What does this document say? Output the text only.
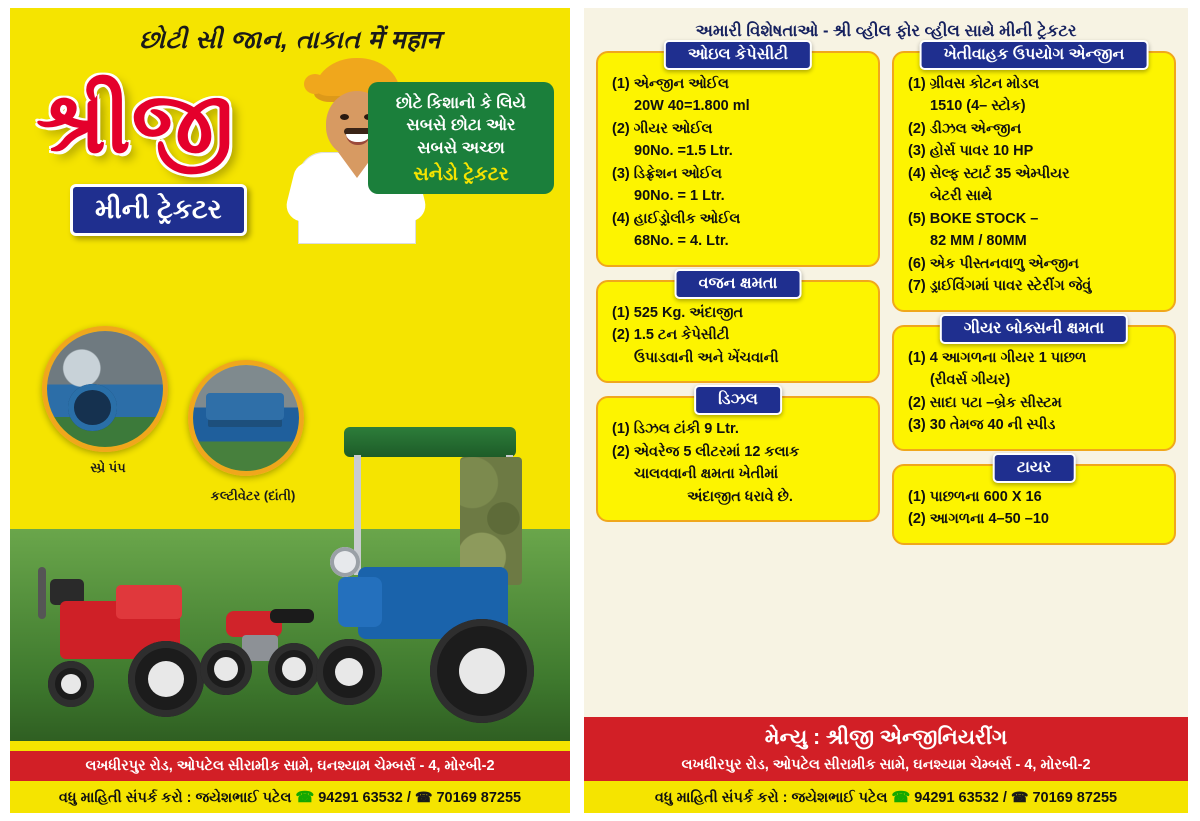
છોટી સી જાન, તાકાત में महान
શ્રીજી
મીની ટ્રેકટર
છોટે કિશાનો કે લિયે
સબસે છોટા ઓર
સબસે અચ્છા
સનેડો ટ્રેકટર
સ્પ્રે પંપ
કલ્ટીવેટર (દાંતી)
લખધીરપુર રોડ, ઓપટેલ સીરામીક સામે, ઘનશ્યામ ચેમ્બર્સ - 4, મોરબી-2
વધુ માહિતી સંપર્ક કરો : જયેશભાઈ પટેલ ☎ 94291 63532 / ☎ 70169 87255
અમારી વિશેષતાઓ - શ્રી વ્હીલ ફોર વ્હીલ સાથે મીની ટ્રેકટર
ઓઇલ કેપેસીટી
(1) એન્જીન ઓઈલ
20W 40=1.800 ml
(2) ગીયર ઓઈલ
90No. =1.5 Ltr.
(3) ડિફ્રેશન ઓઈલ
90No. = 1 Ltr.
(4) હાઈડ્રોલીક ઓઈલ
68No. = 4. Ltr.
વજન ક્ષમતા
(1) 525 Kg. અંદાજીત
(2) 1.5 ટન કેપેસીટી
ઉપાડવાની અને ખેંચવાની
ડિઝલ
(1) ડિઝલ ટાંકી 9 Ltr.
(2) એવરેજ 5 લીટરમાં 12 કલાક
ચાલવવાની ક્ષમતા ખેતીમાં
અંદાજીત ધરાવે છે.
ખેતીવાહક ઉપયોગ એન્જીન
(1) ગ્રીવસ કોટન મોડલ
1510 (4– સ્ટોક)
(2) ડીઝલ એન્જીન
(3) હોર્સ પાવર 10 HP
(4) સેલ્ફ સ્ટાર્ટ 35 એમ્પીયર
બેટરી સાથે
(5) BOKE STOCK –
82 MM / 80MM
(6) એક પીસ્તનવાળુ એન્જીન
(7) ડ્રાઈવિંગમાં પાવર સ્ટેરીંગ જેવું
ગીયર બોક્સની ક્ષમતા
(1) 4 આગળના ગીયર 1 પાછળ
(રીવર્સ ગીયર)
(2) સાદા પટા –બ્રેક સીસ્ટમ
(3) 30 તેમજ 40 ની સ્પીડ
ટાયર
(1) પાછળના 600 X 16
(2) આગળના 4–50 –10
મેન્યુ : શ્રીજી એન્જીનિયરીંગ
લખધીરપુર રોડ, ઓપટેલ સીરામીક સામે, ઘનશ્યામ ચેમ્બર્સ - 4, મોરબી-2
વધુ માહિતી સંપર્ક કરો : જયેશભાઈ પટેલ ☎ 94291 63532 / ☎ 70169 87255
